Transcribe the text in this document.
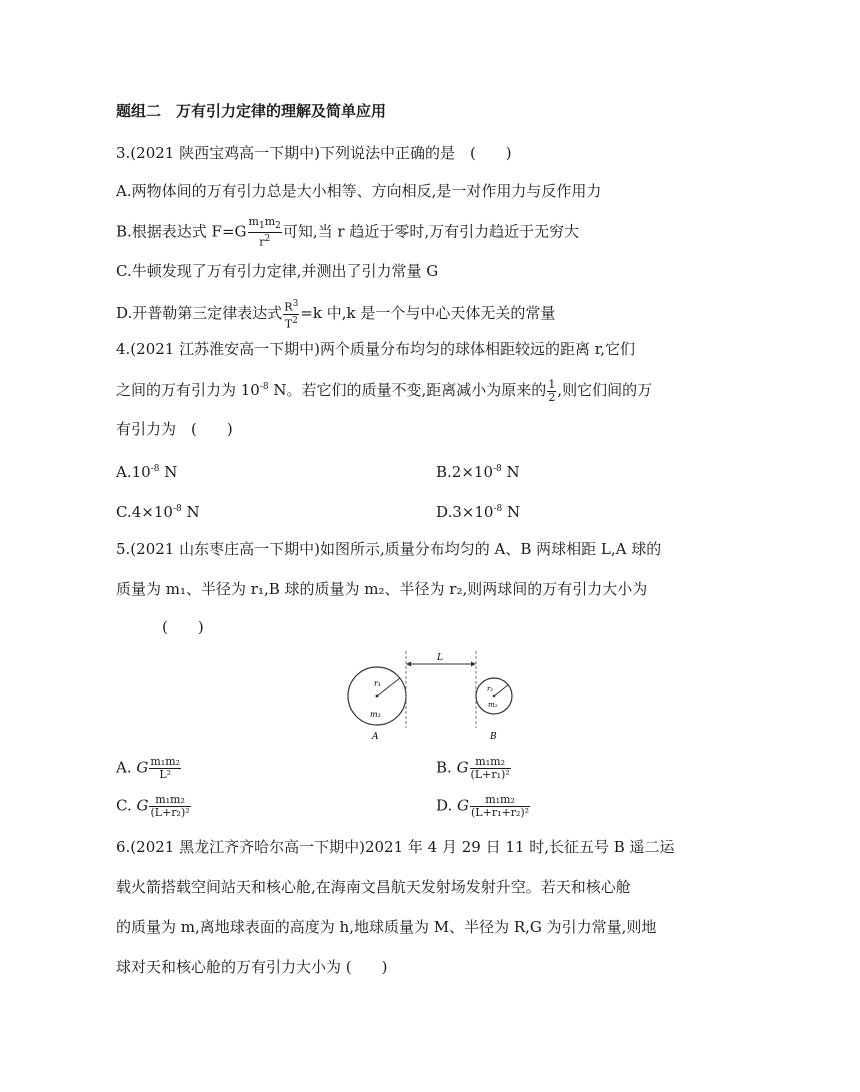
题组二　万有引力定律的理解及简单应用
3.(2021 陕西宝鸡高一下期中)下列说法中正确的是　(　　)
A.两物体间的万有引力总是大小相等、方向相反,是一对作用力与反作用力
B.根据表达式 $F=G \frac{m_1m_2}{r^2}$ 可知,当 r 趋近于零时,万有引力趋近于无穷大
C.牛顿发现了万有引力定律,并测出了引力常量 G
D.开普勒第三定律表达式 $\frac{R^3}{T^2} =k$ 中,k 是一个与中心天体无关的常量
4.(2021 江苏淮安高一下期中)两个质量分布均匀的球体相距较远的距离 r,它们
之间的万有引力为 $10^{-8}$ N。若它们的质量不变,距离减小为原来的 $\frac{1}{2}$ ,则它们间的万
有引力为　(　　)
$A.10^{-8}$ N	$B.2\times 10^{-8}$ N
$C.4\times 10^{-8}$ N	$D.3\times 10^{-8}$ N
5.(2021 山东枣庄高一下期中)如图所示,质量分布均匀的 A、B 两球相距 L,A 球的
质量为 m₁、半径为 r₁,B 球的质量为 m₂、半径为 r₂,则两球间的万有引力大小为
(　　)
r₁
m₁
A
L
r₂
m₂
B
A. G $\frac{\text{m₁m₂}}{\text{L²}}$	B. G $\frac{\text{m₁m₂}}{\text{(L+r₁)²}}$
C. G $\frac{\text{m₁m₂}}{\text{(L+r₂)²}}$	D. G $\frac{\text{m₁m₂}}{\text{(L+r₁+r₂)²}}$
6.(2021 黑龙江齐齐哈尔高一下期中)2021 年 4 月 29 日 11 时,长征五号 B 遥二运
载火箭搭载空间站天和核心舱,在海南文昌航天发射场发射升空。若天和核心舱
的质量为 m,离地球表面的高度为 h,地球质量为 M、半径为 R,G 为引力常量,则地
球对天和核心舱的万有引力大小为 (　　)
